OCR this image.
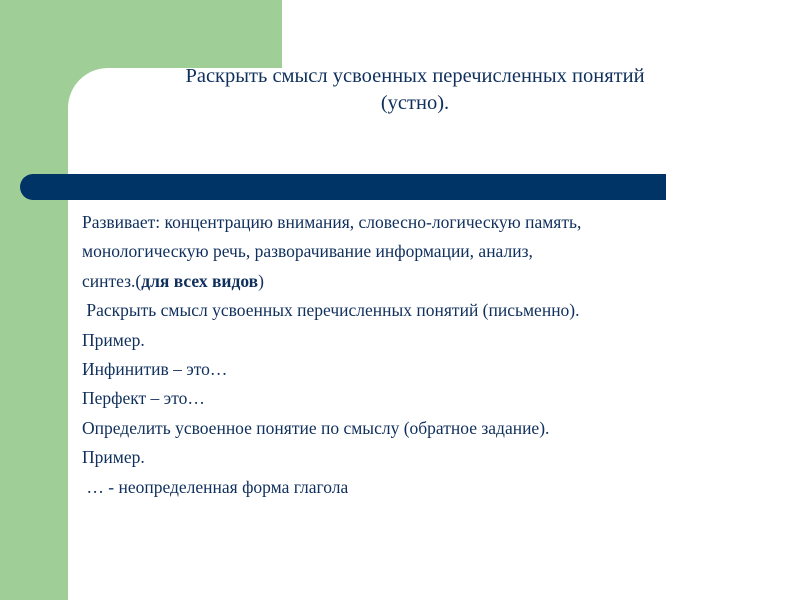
Раскрыть смысл усвоенных перечисленных понятий
(устно).
Развивает: концентрацию внимания, словесно-логическую память,
монологическую речь, разворачивание информации, анализ,
синтез.(для всех видов)
Раскрыть смысл усвоенных перечисленных понятий (письменно).
Пример.
Инфинитив – это…
Перфект – это…
Определить усвоенное понятие по смыслу (обратное задание).
Пример.
… - неопределенная форма глагола
